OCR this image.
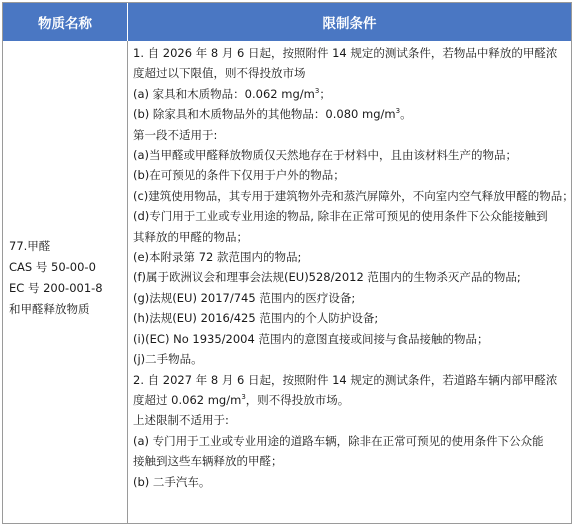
物质名称	限制条件
77.甲醛
CAS 号 50-00-0
EC 号 200-001-8
和甲醛释放物质
1. 自 2026 年 8 月 6 日起，按照附件 14 规定的测试条件，若物品中释放的甲醛浓
度超过以下限值，则不得投放市场
(a) 家具和木质物品：0.062 $mg/m^3$；
(b) 除家具和木质物品外的其他物品：0.080 $mg/m^3$。
第一段不适用于:
(a)当甲醛或甲醛释放物质仅天然地存在于材料中，且由该材料生产的物品；
(b)在可预见的条件下仅用于户外的物品；
(c)建筑使用物品，其专用于建筑物外壳和蒸汽屏障外，不向室内空气释放甲醛的物品；
(d)专门用于工业或专业用途的物品, 除非在正常可预见的使用条件下公众能接触到
其释放的甲醛的物品；
(e)本附录第 72 款范围内的物品;
(f)属于欧洲议会和理事会法规(EU)528/2012 范围内的生物杀灭产品的物品;
(g)法规(EU) 2017/745 范围内的医疗设备;
(h)法规(EU) 2016/425 范围内的个人防护设备;
(i)(EC) No 1935/2004 范围内的意图直接或间接与食品接触的物品；
(j)二手物品。
2. 自 2027 年 8 月 6 日起，按照附件 14 规定的测试条件，若道路车辆内部甲醛浓
度超过 0.062 $mg/m^3$，则不得投放市场。
上述限制不适用于:
(a) 专门用于工业或专业用途的道路车辆，除非在正常可预见的使用条件下公众能
接触到这些车辆释放的甲醛；
(b) 二手汽车。
